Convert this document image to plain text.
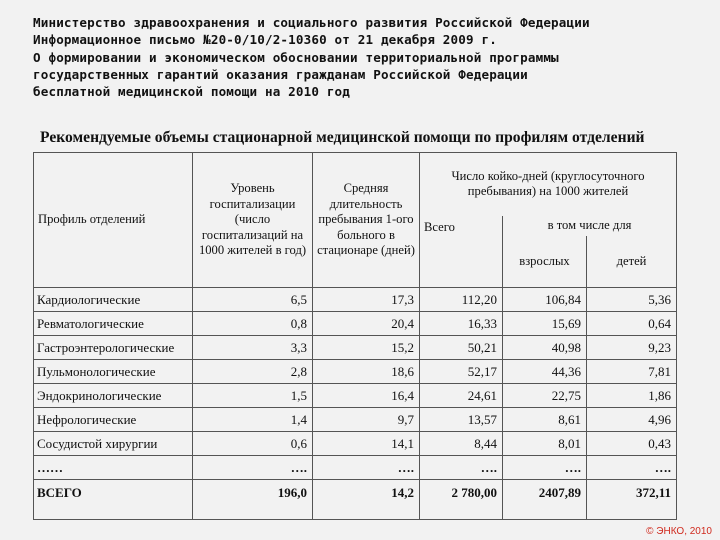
Министерство здравоохранения и социального развития Российской Федерации
Информационное письмо №20-0/10/2-10360 от 21 декабря 2009 г.
О формировании и экономическом обосновании территориальной программы
государственных гарантий оказания гражданам Российской Федерации
бесплатной медицинской помощи на 2010 год
Рекомендуемые объемы стационарной медицинской помощи по профилям отделений
Профиль отделений	Уровень госпитализации (число госпитализаций на 1000 жителей в год)	Средняя длительность пребывания 1-ого больного в стационаре (дней)	Число койко-дней (круглосуточного пребывания) на 1000 жителей		
			Всего	в том числе для	
				взрослых	детей
Кардиологические	6,5	17,3	112,20	106,84	5,36
Ревматологические	0,8	20,4	16,33	15,69	0,64
Гастроэнтерологические	3,3	15,2	50,21	40,98	9,23
Пульмонологические	2,8	18,6	52,17	44,36	7,81
Эндокринологические	1,5	16,4	24,61	22,75	1,86
Нефрологические	1,4	9,7	13,57	8,61	4,96
Сосудистой хирургии	0,6	14,1	8,44	8,01	0,43
……	….	….	….	….	….
ВСЕГО	196,0	14,2	2 780,00	2407,89	372,11
© ЭНКО, 2010
